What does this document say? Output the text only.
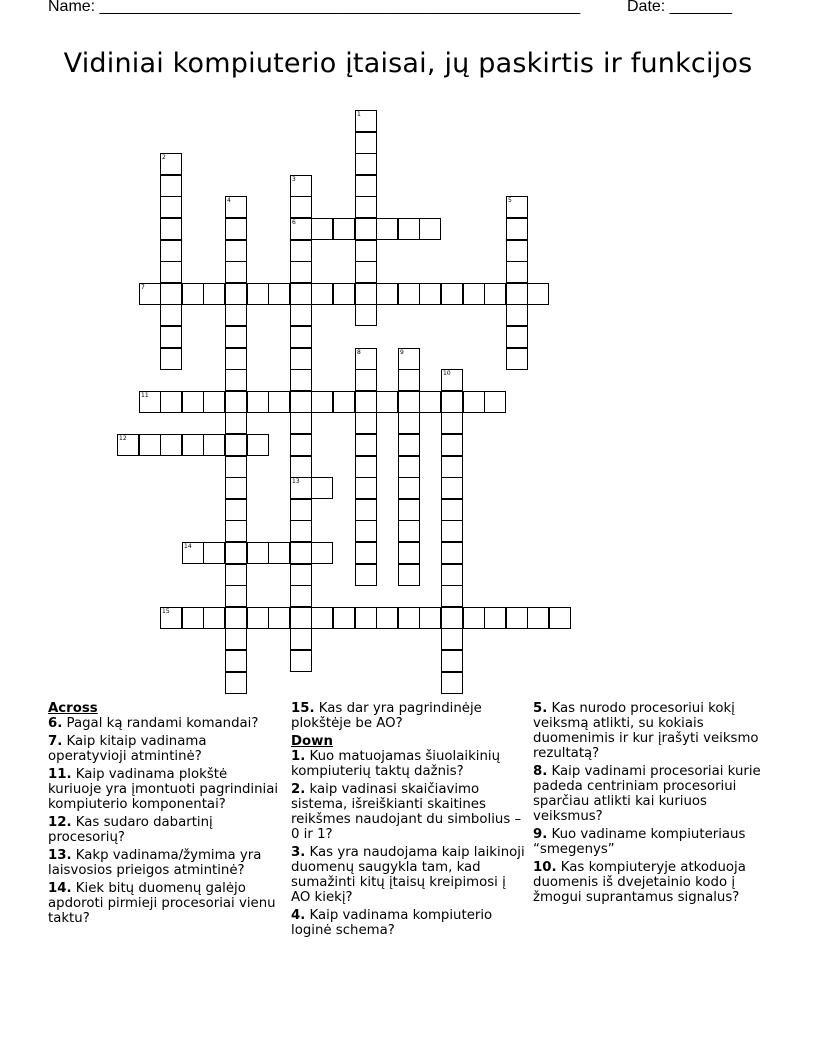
Name: ______________________________________________________	Date: _______
Vidiniai kompiuterio įtaisai, jų paskirtis ir funkcijos
1
2
3
6
13
4	5
7
8	9
10
11
12
14
15
Across
6. Pagal ką randami komandai?
7. Kaip kitaip vadinama operatyvioji atmintinė?
11. Kaip vadinama plokštė kuriuoje yra įmontuoti pagrindiniai kompiuterio komponentai?
12. Kas sudaro dabartinį procesorių?
13. Kakp vadinama/žymima yra laisvosios prieigos atmintinė?
14. Kiek bitų duomenų galėjo apdoroti pirmieji procesoriai vienu taktu?
15. Kas dar yra pagrindinėje plokštėje be AO?
Down
1. Kuo matuojamas šiuolaikinių kompiuterių taktų dažnis?
2. kaip vadinasi skaičiavimo sistema, išreiškianti skaitines reikšmes naudojant du simbolius – 0 ir 1?
3. Kas yra naudojama kaip laikinoji duomenų saugykla tam, kad sumažinti kitų įtaisų kreipimosi į AO kiekį?
4. Kaip vadinama kompiuterio loginė schema?
5. Kas nurodo procesoriui kokį veiksmą atlikti, su kokiais duomenimis ir kur įrašyti veiksmo rezultatą?
8. Kaip vadinami procesoriai kurie padeda centriniam procesoriui sparčiau atlikti kai kuriuos veiksmus?
9. Kuo vadiname kompiuteriaus “smegenys”
10. Kas kompiuteryje atkoduoja duomenis iš dvejetainio kodo į žmogui suprantamus signalus?
